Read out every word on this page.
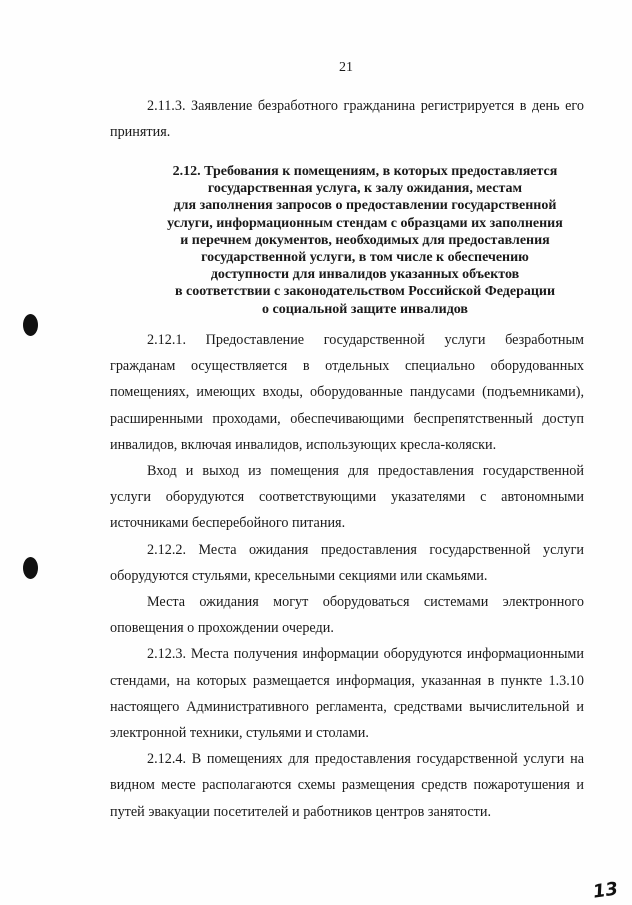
21

2.11.3. Заявление безработного гражданина регистрируется в день его принятия.

2.12. Требования к помещениям, в которых предоставляется
государственная услуга, к залу ожидания, местам
для заполнения запросов о предоставлении государственной
услуги, информационным стендам с образцами их заполнения
и перечнем документов, необходимых для предоставления
государственной услуги, в том числе к обеспечению
доступности для инвалидов указанных объектов
в соответствии с законодательством Российской Федерации
о социальной защите инвалидов

2.12.1. Предоставление государственной услуги безработным гражданам осуществляется в отдельных специально оборудованных помещениях, имеющих входы, оборудованные пандусами (подъемниками), расширенными проходами, обеспечивающими беспрепятственный доступ инвалидов, включая инвалидов, использующих кресла-коляски.

Вход и выход из помещения для предоставления государственной услуги оборудуются соответствующими указателями с автономными источниками бесперебойного питания.

2.12.2. Места ожидания предоставления государственной услуги оборудуются стульями, кресельными секциями или скамьями.

Места ожидания могут оборудоваться системами электронного оповещения о прохождении очереди.

2.12.3. Места получения информации оборудуются информационными стендами, на которых размещается информация, указанная в пункте 1.3.10 настоящего Административного регламента, средствами вычислительной и электронной техники, стульями и столами.

2.12.4. В помещениях для предоставления государственной услуги на видном месте располагаются схемы размещения средств пожаротушения и путей эвакуации посетителей и работников центров занятости.

13
